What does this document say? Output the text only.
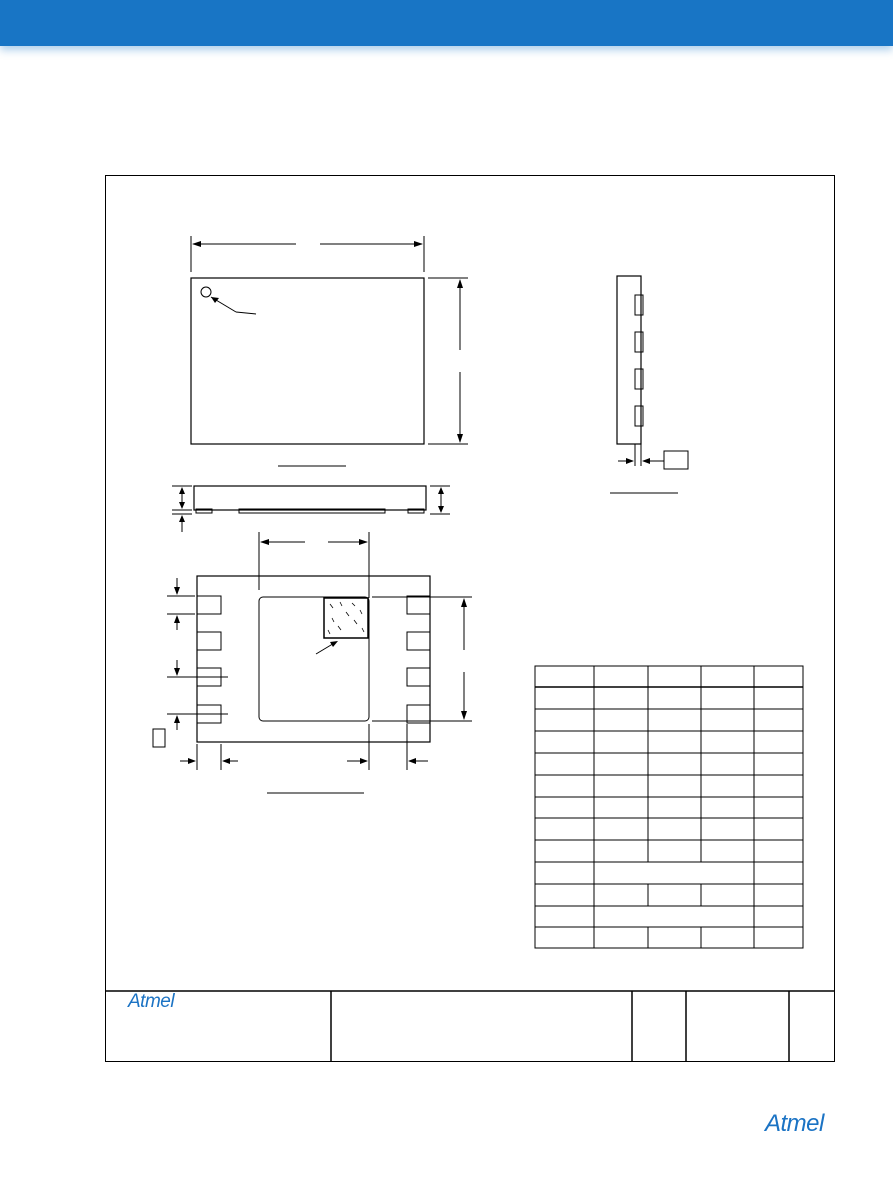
Atmel
Atmel
